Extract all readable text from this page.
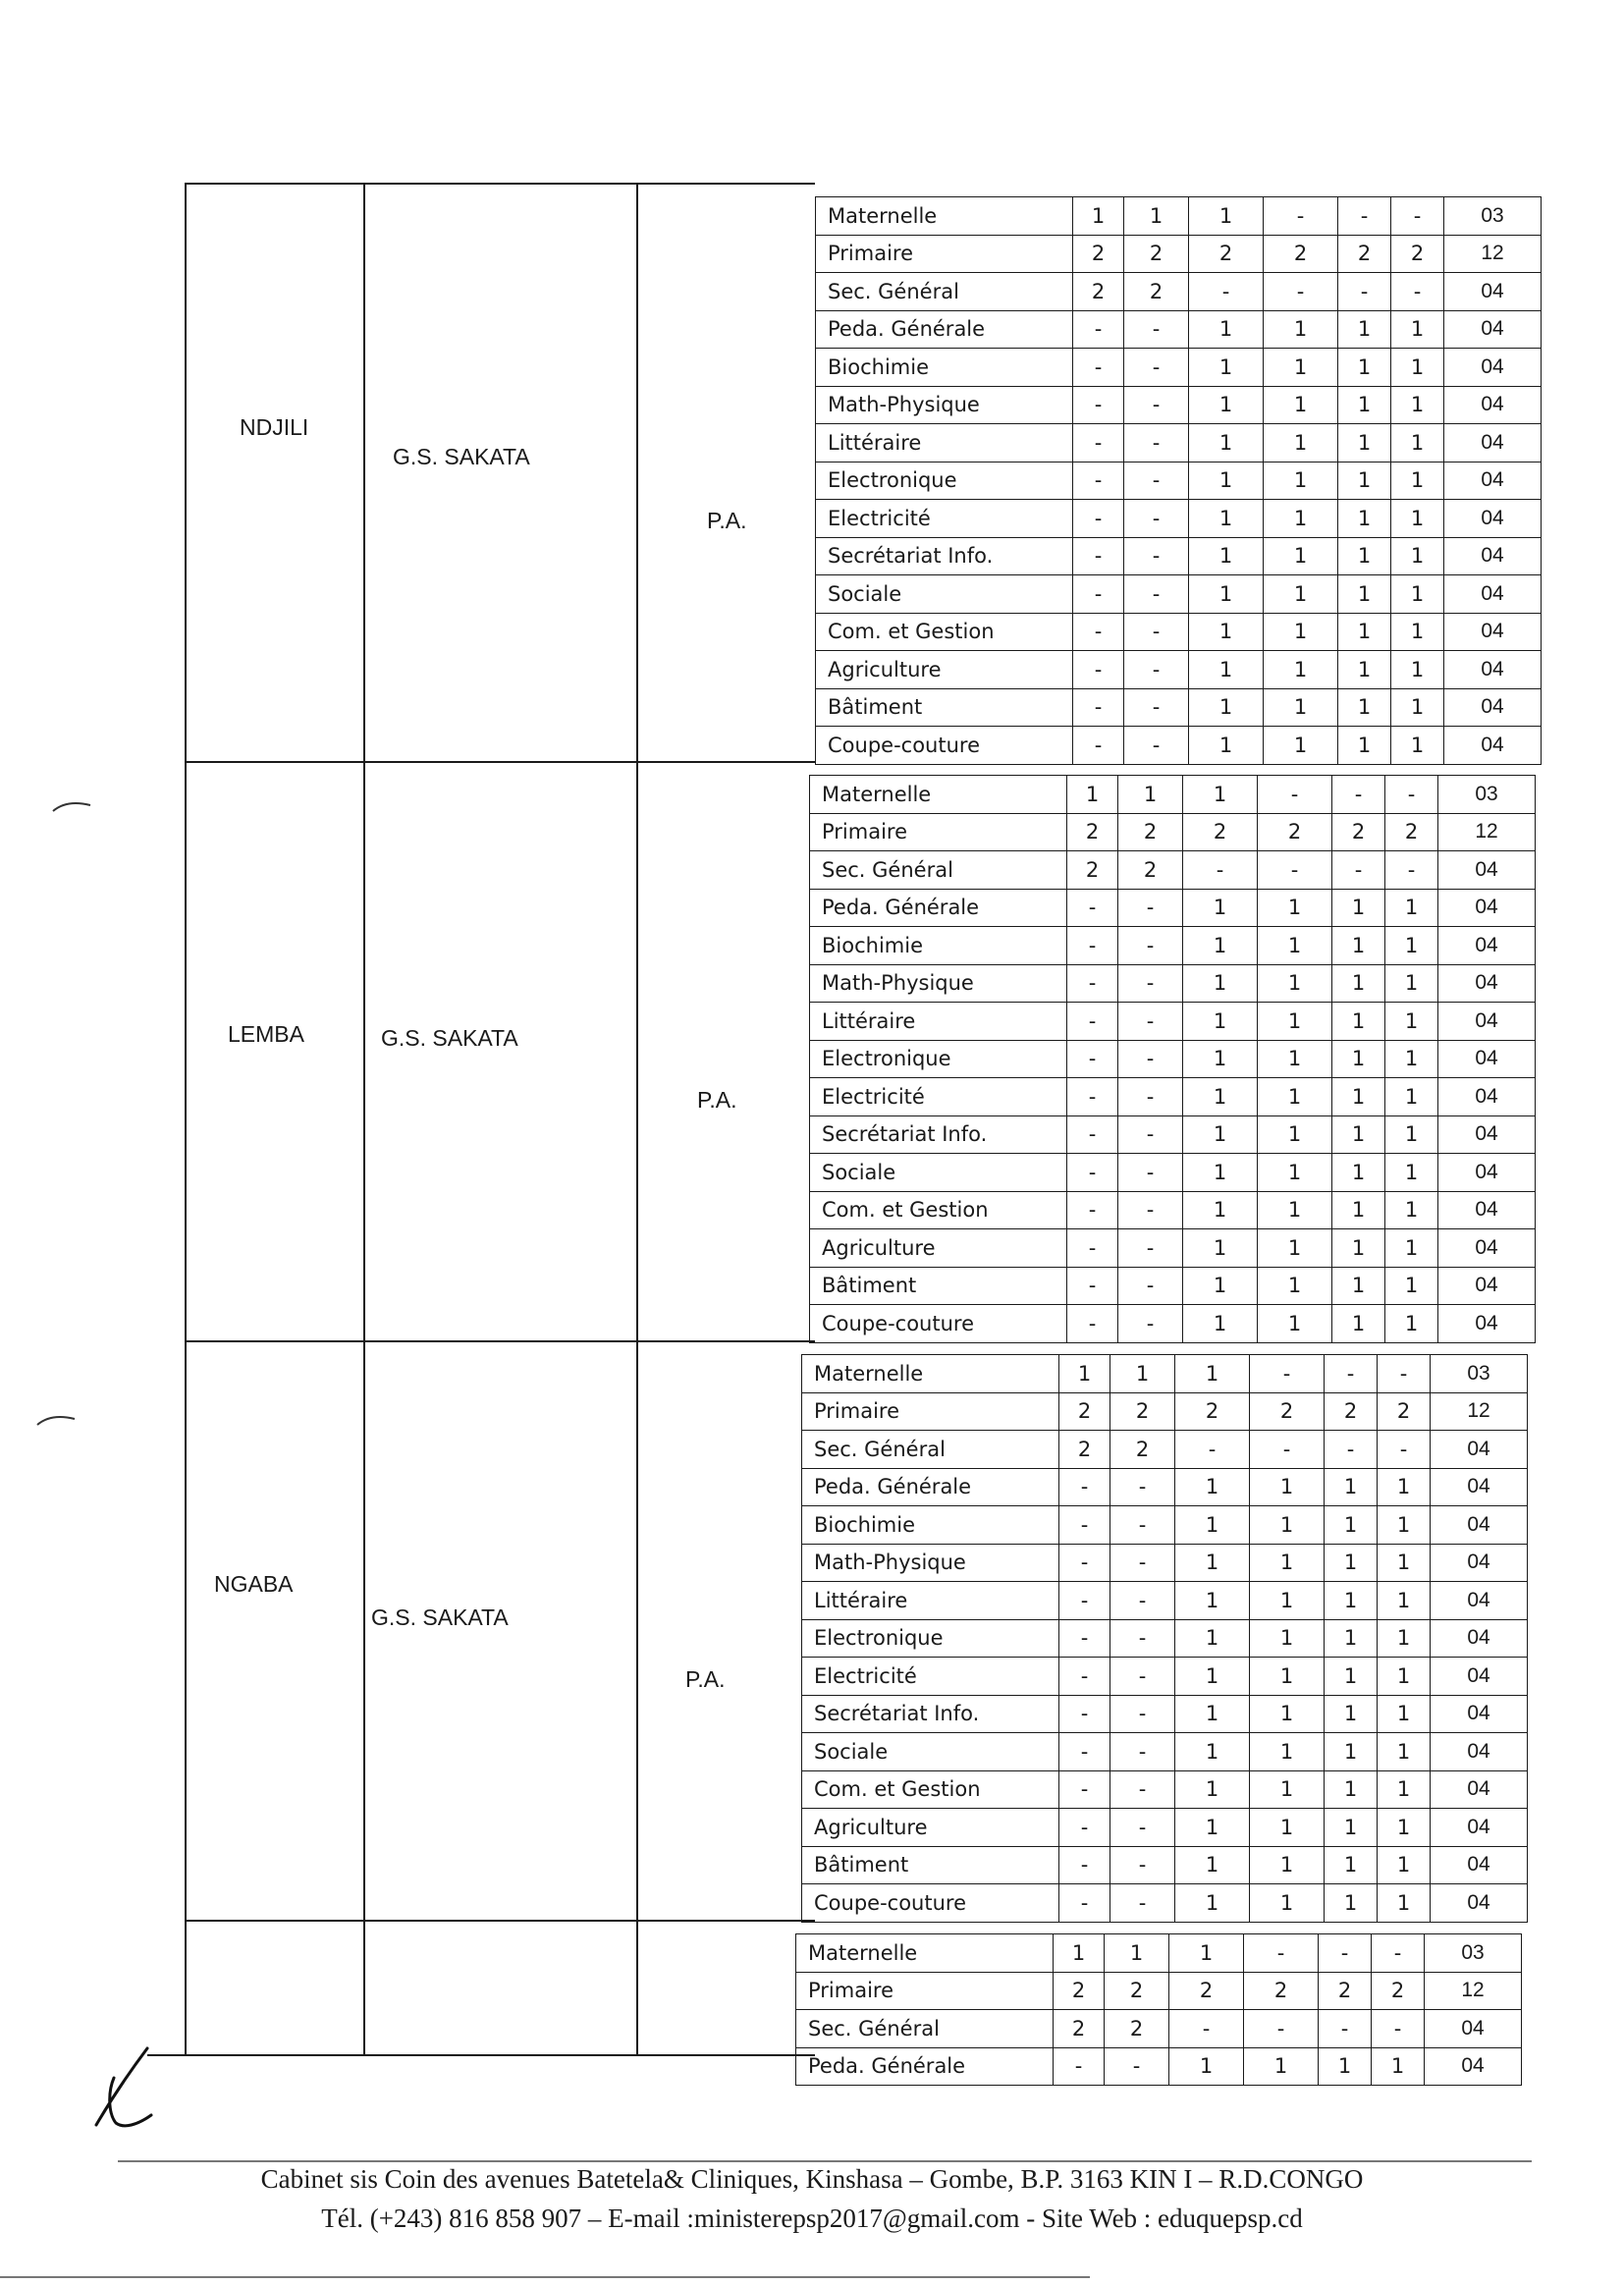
NDJILI
G.S. SAKATA
P.A.
Maternelle	1	1	1	-	-	-	03
Primaire	2	2	2	2	2	2	12
Sec. Général	2	2	-	-	-	-	04
Peda. Générale	-	-	1	1	1	1	04
Biochimie	-	-	1	1	1	1	04
Math-Physique	-	-	1	1	1	1	04
Littéraire	-	-	1	1	1	1	04
Electronique	-	-	1	1	1	1	04
Electricité	-	-	1	1	1	1	04
Secrétariat Info.	-	-	1	1	1	1	04
Sociale	-	-	1	1	1	1	04
Com. et Gestion	-	-	1	1	1	1	04
Agriculture	-	-	1	1	1	1	04
Bâtiment	-	-	1	1	1	1	04
Coupe-couture	-	-	1	1	1	1	04
LEMBA	G.S. SAKATA
P.A.
Maternelle	1	1	1	-	-	-	03
Primaire	2	2	2	2	2	2	12
Sec. Général	2	2	-	-	-	-	04
Peda. Générale	-	-	1	1	1	1	04
Biochimie	-	-	1	1	1	1	04
Math-Physique	-	-	1	1	1	1	04
Littéraire	-	-	1	1	1	1	04
Electronique	-	-	1	1	1	1	04
Electricité	-	-	1	1	1	1	04
Secrétariat Info.	-	-	1	1	1	1	04
Sociale	-	-	1	1	1	1	04
Com. et Gestion	-	-	1	1	1	1	04
Agriculture	-	-	1	1	1	1	04
Bâtiment	-	-	1	1	1	1	04
Coupe-couture	-	-	1	1	1	1	04
NGABA
G.S. SAKATA
P.A.
Maternelle	1	1	1	-	-	-	03
Primaire	2	2	2	2	2	2	12
Sec. Général	2	2	-	-	-	-	04
Peda. Générale	-	-	1	1	1	1	04
Biochimie	-	-	1	1	1	1	04
Math-Physique	-	-	1	1	1	1	04
Littéraire	-	-	1	1	1	1	04
Electronique	-	-	1	1	1	1	04
Electricité	-	-	1	1	1	1	04
Secrétariat Info.	-	-	1	1	1	1	04
Sociale	-	-	1	1	1	1	04
Com. et Gestion	-	-	1	1	1	1	04
Agriculture	-	-	1	1	1	1	04
Bâtiment	-	-	1	1	1	1	04
Coupe-couture	-	-	1	1	1	1	04
Maternelle	1	1	1	-	-	-	03
Primaire	2	2	2	2	2	2	12
Sec. Général	2	2	-	-	-	-	04
Peda. Générale	-	-	1	1	1	1	04
Cabinet sis Coin des avenues Batetela& Cliniques, Kinshasa – Gombe, B.P. 3163 KIN I – R.D.CONGO
Tél. (+243) 816 858 907 – E-mail :ministerepsp2017@gmail.com - Site Web : eduquepsp.cd
